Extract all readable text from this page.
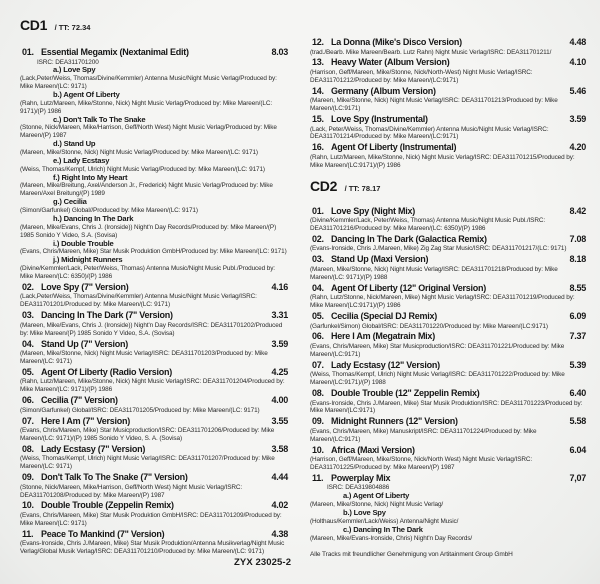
CD1 / TT: 72.34
01. Essential Megamix (Nextanimal Edit)	8.03
ISRC: DEA311701200
a.) Love Spy
(Lack,Peter/Weiss, Thomas/Divine/Kemmler) Antenna Music/Night Music Verlag/Produced by: Mike Mareen/(LC: 9171)
b.) Agent Of Liberty
(Rahn, Lutz/Mareen, Mike/Stonne, Nick) Night Music Verlag/Produced by: Mike Mareen/(LC: 9171)/(P) 1986
c.) Don't Talk To The Snake
(Stonne, Nick/Mareen, Mike/Harrison, Geff/North West) Night Music Verlag/Produced by: Mike Mareen/(P) 1987
d.) Stand Up
(Mareen, Mike/Stonne, Nick) Night Music Verlag/Produced by: Mike Mareen/(LC: 9171)
e.) Lady Ecstasy
(Weiss, Thomas/Kempf, Ulrich) Night Music Verlag/Produced by: Mike Mareen/(LC: 9171)
f.) Right Into My Heart
(Mareen, Mike/Breitung, Axel/Anderson Jr., Frederick) Night Music Verlag/Produced by: Mike Mareen/Axel Breitung/(P) 1989
g.) Cecilia
(Simon/Garfunkel) Global//Produced by: Mike Mareen/(LC: 9171)
h.) Dancing In The Dark
(Mareen, Mike/Evans, Chris J. (Ironside)) Night'n Day Records/Produced by: Mike Mareen/(P) 1985 Sonido Y Video, S.A. (Sovisa)
i.) Double Trouble
(Evans, Chris/Mareen, Mike) Star Musik Produktion GmbH/Produced by: Mike Mareen/(LC: 9171)
j.) Midnight Runners
(Divine/Kemmler/Lack, Peter/Weiss, Thomas) Antenna Music/Night Music Publ./Produced by: Mike Mareen/(LC: 6350)/(P) 1986
02. Love Spy (7" Version)	4.16
(Lack,Peter/Weiss, Thomas/Divine/Kemmler) Antenna Music/Night Music Verlag/ISRC: DEA311701201/Produced by: Mike Mareen/(LC: 9171)
03. Dancing In The Dark (7" Version)	3.31
(Mareen, Mike/Evans, Chris J. (Ironside)) Night'n Day Records/ISRC: DEA311701202/Produced by: Mike Mareen/(P) 1985 Sonido Y Video, S.A. (Sovisa)
04. Stand Up (7" Version)	3.59
(Mareen, Mike/Stonne, Nick) Night Music Verlag/ISRC: DEA311701203/Produced by: Mike Mareen/(LC: 9171)
05. Agent Of Liberty (Radio Version)	4.25
(Rahn, Lutz/Mareen, Mike/Stonne, Nick) Night Music Verlag/ISRC: DEA311701204/Produced by: Mike Mareen/(LC: 9171)/(P) 1986
06. Cecilia (7" Version)	4.00
(Simon/Garfunkel) Global/ISRC: DEA311701205/Produced by: Mike Mareen/(LC: 9171)
07. Here I Am (7" Version)	3.55
(Evans, Chris/Mareen, Mike) Star Musicproduction/ISRC: DEA311701206/Produced by: Mike Mareen/(LC: 9171)/(P) 1985 Sonido Y Video, S. A. (Sovisa)
08. Lady Ecstasy (7" Version)	3.58
(Weiss, Thomas/Kempf, Ulrich) Night Music Verlag/ISRC: DEA311701207/Produced by: Mike Mareen/(LC: 9171)
09. Don't Talk To The Snake (7" Version)	4.44
(Stonne, Nick/Mareen, Mike/Harrison, Geff/North West) Night Music Verlag/ISRC: DEA311701208/Produced by: Mike Mareen/(P) 1987
10. Double Trouble (Zeppelin Remix)	4.02
(Evans, Chris/Mareen, Mike) Star Musik Produktion GmbH/ISRC: DEA311701209/Produced by: Mike Mareen/(LC: 9171)
11. Peace To Mankind (7" Version)	4.38
(Evans-Ironside, Chris J./Mareen, Mike) Star Musik Produktion/Antenna Musikverlag/Night Music Verlag/Global Musik Verlag/ISRC: DEA311701210/Produced by: Mike Mareen/(LC: 9171)
12. La Donna (Mike's Disco Version)	4.48
(trad./Bearb. Mike Mareen/Bearb. Lutz Rahn) Night Music Verlag/ISRC: DEA311701211/
13. Heavy Water (Album Version)	4.10
(Harrison, Geff/Mareen, Mike/Stonne, Nick/North-West) Night Music Verlag/ISRC: DEA311701212/Produced by: Mike Mareen/(LC:9171)
14. Germany (Album Version)	5.46
(Mareen, Mike/Stonne, Nick) Night Music Verlag/ISRC: DEA311701213/Produced by: Mike Mareen/(LC:9171)
15. Love Spy (Instrumental)	3.59
(Lack, Peter/Weiss, Thomas/Divine/Kemmler) Antenna Music/Night Music Verlag/ISRC: DEA311701214/Produced by: Mike Mareen/(LC:9171)
16. Agent Of Liberty (Instrumental)	4.20
(Rahn, Lutz/Mareen, Mike/Stonne, Nick) Night Music Verlag/ISRC: DEA311701215/Produced by: Mike Mareen/(LC:9171)/(P) 1986
CD2 / TT: 78.17
01. Love Spy (Night Mix)	8.42
(Divine/Kemmler/Lack, Peter/Weiss, Thomas) Antenna Music/Night Music Publ./ISRC: DEA311701216/Produced by: Mike Mareen/(LC: 6350)/(P) 1986
02. Dancing In The Dark (Galactica Remix)	7.08
(Evans-Ironside, Chris J./Mareen, Mike) Zig Zag Star Music/ISRC: DEA311701217/(LC: 9171)
03. Stand Up (Maxi Version)	8.18
(Mareen, Mike/Stonne, Nick) Night Music Verlag/ISRC: DEA311701218/Produced by: Mike Mareen/(LC: 9171)/(P) 1988
04. Agent Of Liberty (12" Original Version)	8.55
(Rahn, Lutz/Stonne, Nick/Mareen, Mike) Night Music Verlag/ISRC: DEA311701219/Produced by: Mike Mareen/(LC:9171)/(P) 1986
05. Cecilia (Special DJ Remix)	6.09
(Garfunkel/Simon) Global/ISRC: DEA311701220/Produced by: Mike Mareen/(LC:9171)
06. Here I Am (Megatrain Mix)	7.37
(Evans, Chris/Mareen, Mike) Star Musicproduction/ISRC: DEA311701221/Produced by: Mike Mareen/(LC:9171)
07. Lady Ecstasy (12" Version)	5.39
(Weiss, Thomas/Kempf, Ulrich) Night Music Verlag/ISRC: DEA311701222/Produced by: Mike Mareen/(LC:9171)/(P) 1988
08. Double Trouble (12" Zeppelin Remix)	6.40
(Evans-Ironside, Chris J./Mareen, Mike) Star Musik Produktion/ISRC: DEA311701223/Produced by: Mike Mareen/(LC:9171)
09. Midnight Runners (12" Version)	5.58
(Evans, Chris/Mareen, Mike) Manuskript/ISRC: DEA311701224/Produced by: Mike Mareen/(LC:9171)
10. Africa (Maxi Version)	6.04
(Harrison, Geff/Mareen, Mike/Stonne, Nick/North West) Night Music Verlag/ISRC: DEA311701225/Produced by: Mike Mareen/(P) 1987
11. Powerplay Mix	7,07
ISRC: DEA319804886
a.) Agent Of Liberty
(Mareen, Mike/Stonne, Nick) Night Music Verlag/
b.) Love Spy
(Holthaus/Kemmler/Lack/Weiss) Antenna/Night Music/
c.) Dancing In The Dark
(Mareen, Mike/Evans-Ironside, Chris) Night'n Day Records/
Alle Tracks mit freundlicher Genehmigung von Artitainment Group GmbH
ZYX 23025-2
